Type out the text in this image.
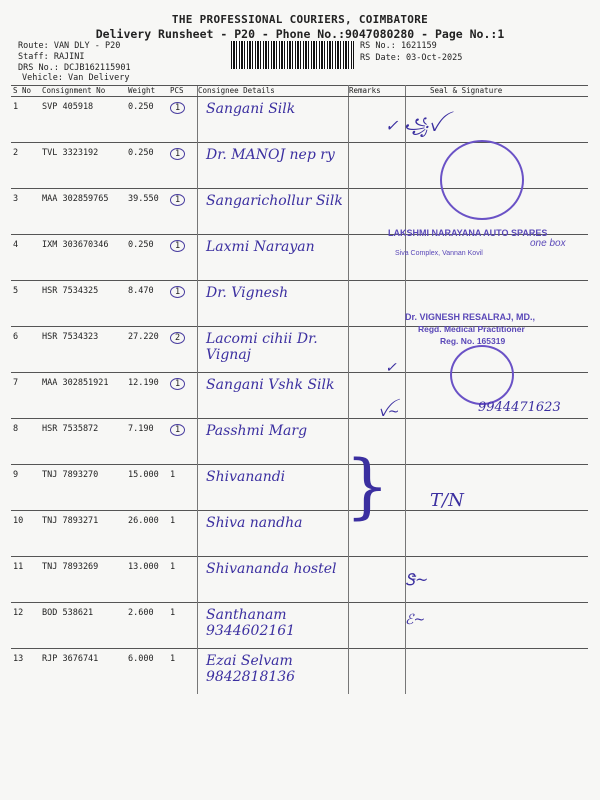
THE PROFESSIONAL COURIERS, COIMBATORE
Delivery Runsheet - P20 - Phone No.:9047080280 - Page No.:1
Route: VAN DLY - P20
Staff: RAJINI
DRS No.: DCJB162115901
Vehicle: Van Delivery
RS No.: 1621159
RS Date: 03-Oct-2025
S No	Consignment No	Weight	PCS	Consignee Details	Remarks	Seal & Signature
1	SVP 405918	0.250	1	Sangani Silk		

2	TVL 3323192	0.250	1	Dr. MANOJ nep ry		

3	MAA 302859765	39.550	1	Sangarichollur Silk		

4	IXM 303670346	0.250	1	Laxmi Narayan		

5	HSR 7534325	8.470	1	Dr. Vignesh		

6	HSR 7534323	27.220	2	Lacomi cihii Dr. Vignaj		

7	MAA 302851921	12.190	1	Sangani Vshk Silk		

8	HSR 7535872	7.190	1	Passhmi Marg		

9	TNJ 7893270	15.000	1	Shivanandi		

10	TNJ 7893271	26.000	1	Shiva nandha		

11	TNJ 7893269	13.000	1	Shivananda hostel		

12	BOD 538621	2.600	1	Santhanam 9344602161		

13	RJP 3676741	6.000	1	Ezai Selvam 9842818136		

LAKSHMI NARAYANA AUTO SPARES
Siva Complex, Vannan Kovil
one box
Dr. VIGNESH RESALRAJ, MD.,
Regd. Medical Practitioner
Reg. No. 165319
9944471623
T/N
✓ ꧁ꪜ
✓
ꪜ~
Ꮥ~
ℰ~
}
